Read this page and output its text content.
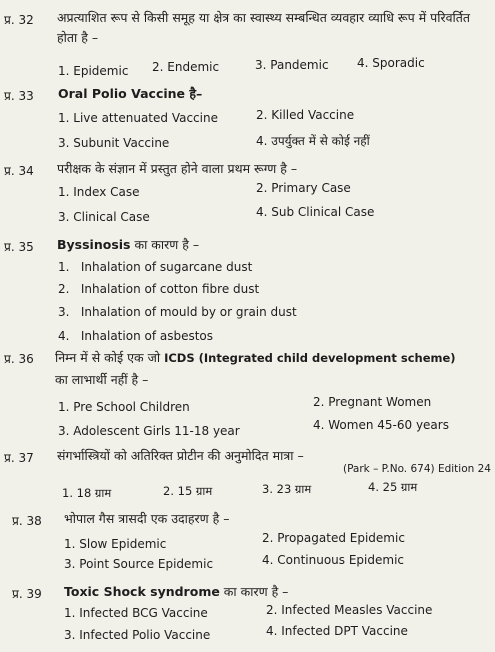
प्र. 32 अप्रत्याशित रूप से किसी समूह या क्षेत्र का स्वास्थ्य सम्बन्धित व्यवहार व्याधि रूप में परिवर्तित होता है –
1. Epidemic 2. Endemic	3. Pandemic 4. Sporadic
प्र. 33 Oral Polio Vaccine है–
1. Live attenuated Vaccine	2. Killed Vaccine
3. Subunit Vaccine	4. उपर्युक्त में से कोई नहीं
प्र. 34 परीक्षक के संज्ञान में प्रस्तुत होने वाला प्रथम रूग्ण है –
1. Index Case	2. Primary Case
3. Clinical Case	4. Sub Clinical Case
प्र. 35 Byssinosis का कारण है –
1.   Inhalation of sugarcane dust
2.   Inhalation of cotton fibre dust
3.   Inhalation of mould by or grain dust
4.   Inhalation of asbestos
प्र. 36 निम्न में से कोई एक जो ICDS (Integrated child development scheme)
का लाभार्थी नहीं है –
1. Pre School Children	2. Pregnant Women
3. Adolescent Girls 11-18 year	4. Women 45-60 years
प्र. 37 संगर्भास्त्रियों को अतिरिक्त प्रोटीन की अनुमोदित मात्रा –
(Park – P.No. 674) Edition 24
1. 18 ग्राम	2. 15 ग्राम	3. 23 ग्राम	4. 25 ग्राम
प्र. 38 भोपाल गैस त्रासदी एक उदाहरण है –
1. Slow Epidemic	2. Propagated Epidemic
3. Point Source Epidemic	4. Continuous Epidemic
प्र. 39 Toxic Shock syndrome का कारण है –
1. Infected BCG Vaccine	2. Infected Measles Vaccine
3. Infected Polio Vaccine	4. Infected DPT Vaccine
